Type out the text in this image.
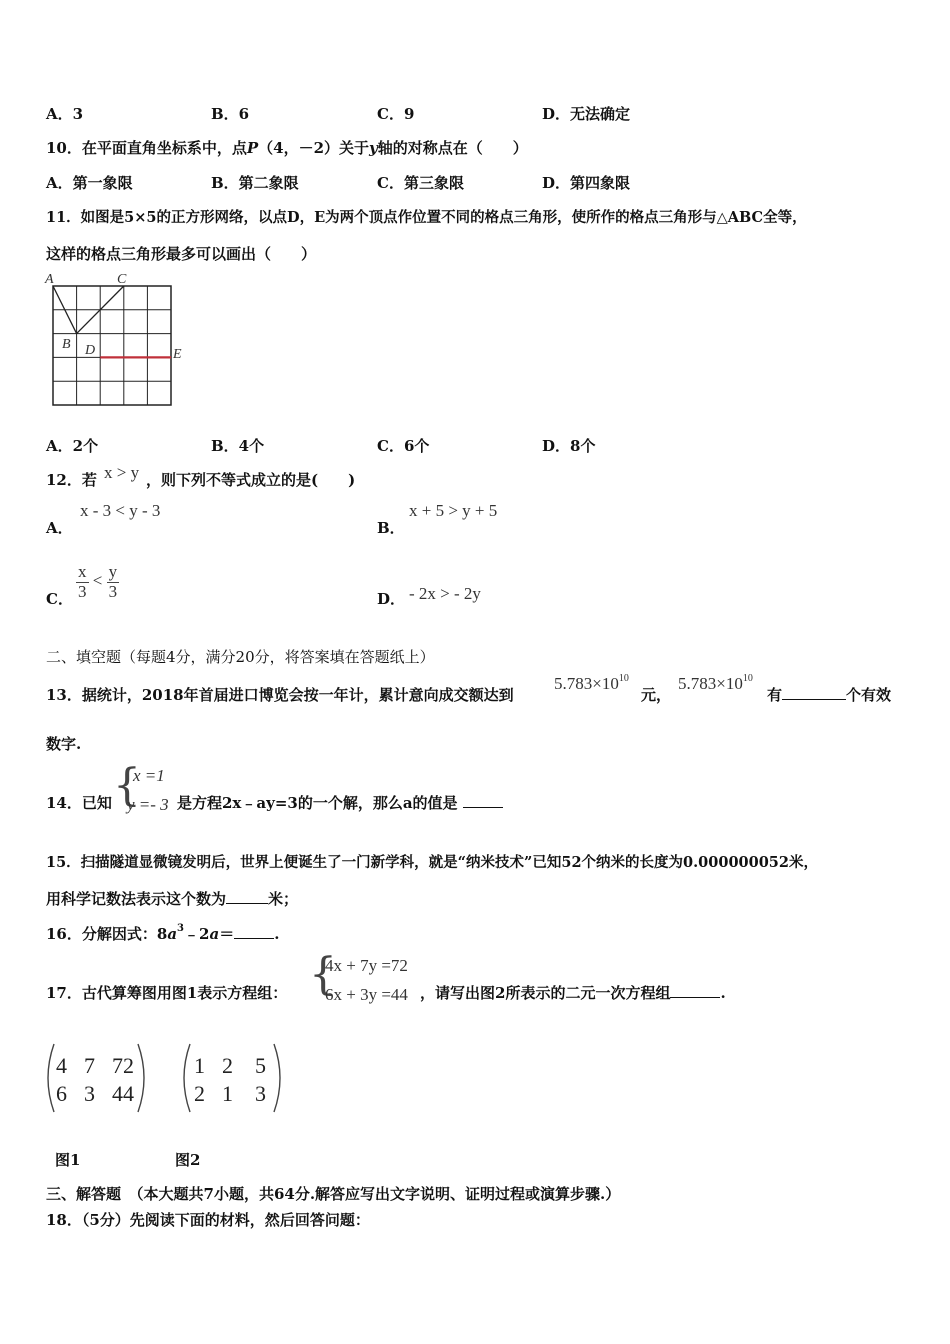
A．3	B．6	C．9	D．无法确定
10．在平面直角坐标系中，点P（4，－2）关于y轴的对称点在（　　）
A．第一象限	B．第二象限	C．第三象限	D．第四象限
11．如图是5×5的正方形网络，以点D，E为两个顶点作位置不同的格点三角形，使所作的格点三角形与△ABC全等，
这样的格点三角形最多可以画出（　　）
A
B
C
D	E
A．2个	B．4个	C．6个	D．8个
12．若 x > y ，则下列不等式成立的是(　　)
A．
x - 3 < y - 3
B．
x + 5 > y + 5
C． $\frac{x}{3} < \frac{y}{3}$	D． - 2x > - 2y
二、填空题（每题4分，满分20分，将答案填在答题纸上）
13．据统计，2018年首届进口博览会按一年计，累计意向成交额达到
$5.783\times 10^{10}$
元，
$5.783\times 10^{10}$
有	个有效
数字.
14．已知 {
x =1
y =- 3 是方程2x﹣ay=3的一个解，那么a的值是
15．扫描隧道显微镜发明后，世界上便诞生了一门新学科，就是“纳米技术”已知52个纳米的长度为0.000000052米，
用科学记数法表示这个数为	米；
16．分解因式：$8a^3﹣2a=$	.
17．古代算筹图用图1表示方程组： {
4x + 7y =72
6x + 3y =44 ，请写出图2所表示的二元一次方程组	.
4 7 72
6 3 44
1 2 5
2 1 3
图1	图2
三、解答题　（本大题共7小题，共64分.解答应写出文字说明、证明过程或演算步骤.）
18．（5分）先阅读下面的材料，然后回答问题：
